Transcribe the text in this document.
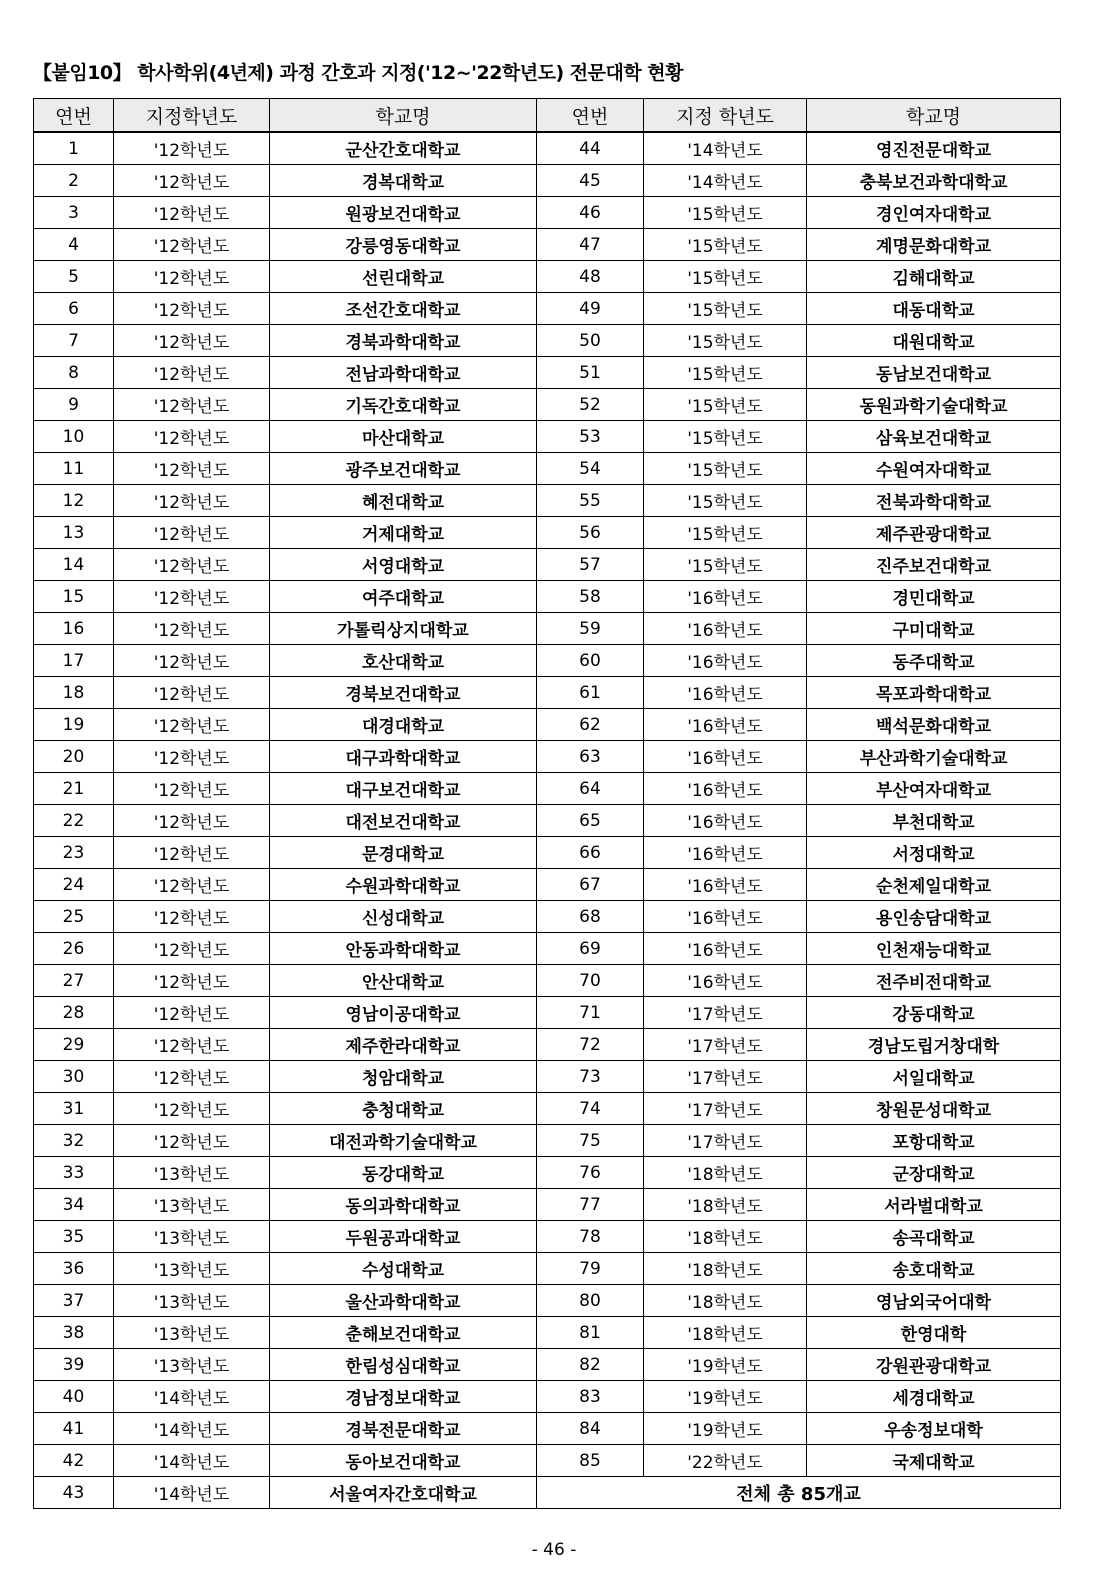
【붙임10】 학사학위(4년제) 과정 간호과 지정('12~'22학년도) 전문대학 현황
연번	지정학년도	학교명	연번	지정 학년도	학교명
1	'12학년도	군산간호대학교	44	'14학년도	영진전문대학교
2	'12학년도	경복대학교	45	'14학년도	충북보건과학대학교
3	'12학년도	원광보건대학교	46	'15학년도	경인여자대학교
4	'12학년도	강릉영동대학교	47	'15학년도	계명문화대학교
5	'12학년도	선린대학교	48	'15학년도	김해대학교
6	'12학년도	조선간호대학교	49	'15학년도	대동대학교
7	'12학년도	경북과학대학교	50	'15학년도	대원대학교
8	'12학년도	전남과학대학교	51	'15학년도	동남보건대학교
9	'12학년도	기독간호대학교	52	'15학년도	동원과학기술대학교
10	'12학년도	마산대학교	53	'15학년도	삼육보건대학교
11	'12학년도	광주보건대학교	54	'15학년도	수원여자대학교
12	'12학년도	혜전대학교	55	'15학년도	전북과학대학교
13	'12학년도	거제대학교	56	'15학년도	제주관광대학교
14	'12학년도	서영대학교	57	'15학년도	진주보건대학교
15	'12학년도	여주대학교	58	'16학년도	경민대학교
16	'12학년도	가톨릭상지대학교	59	'16학년도	구미대학교
17	'12학년도	호산대학교	60	'16학년도	동주대학교
18	'12학년도	경북보건대학교	61	'16학년도	목포과학대학교
19	'12학년도	대경대학교	62	'16학년도	백석문화대학교
20	'12학년도	대구과학대학교	63	'16학년도	부산과학기술대학교
21	'12학년도	대구보건대학교	64	'16학년도	부산여자대학교
22	'12학년도	대전보건대학교	65	'16학년도	부천대학교
23	'12학년도	문경대학교	66	'16학년도	서정대학교
24	'12학년도	수원과학대학교	67	'16학년도	순천제일대학교
25	'12학년도	신성대학교	68	'16학년도	용인송담대학교
26	'12학년도	안동과학대학교	69	'16학년도	인천재능대학교
27	'12학년도	안산대학교	70	'16학년도	전주비전대학교
28	'12학년도	영남이공대학교	71	'17학년도	강동대학교
29	'12학년도	제주한라대학교	72	'17학년도	경남도립거창대학
30	'12학년도	청암대학교	73	'17학년도	서일대학교
31	'12학년도	충청대학교	74	'17학년도	창원문성대학교
32	'12학년도	대전과학기술대학교	75	'17학년도	포항대학교
33	'13학년도	동강대학교	76	'18학년도	군장대학교
34	'13학년도	동의과학대학교	77	'18학년도	서라벌대학교
35	'13학년도	두원공과대학교	78	'18학년도	송곡대학교
36	'13학년도	수성대학교	79	'18학년도	송호대학교
37	'13학년도	울산과학대학교	80	'18학년도	영남외국어대학
38	'13학년도	춘해보건대학교	81	'18학년도	한영대학
39	'13학년도	한림성심대학교	82	'19학년도	강원관광대학교
40	'14학년도	경남정보대학교	83	'19학년도	세경대학교
41	'14학년도	경북전문대학교	84	'19학년도	우송정보대학
42	'14학년도	동아보건대학교	85	'22학년도	국제대학교
43	'14학년도	서울여자간호대학교	전체 총 85개교		
- 46 -
